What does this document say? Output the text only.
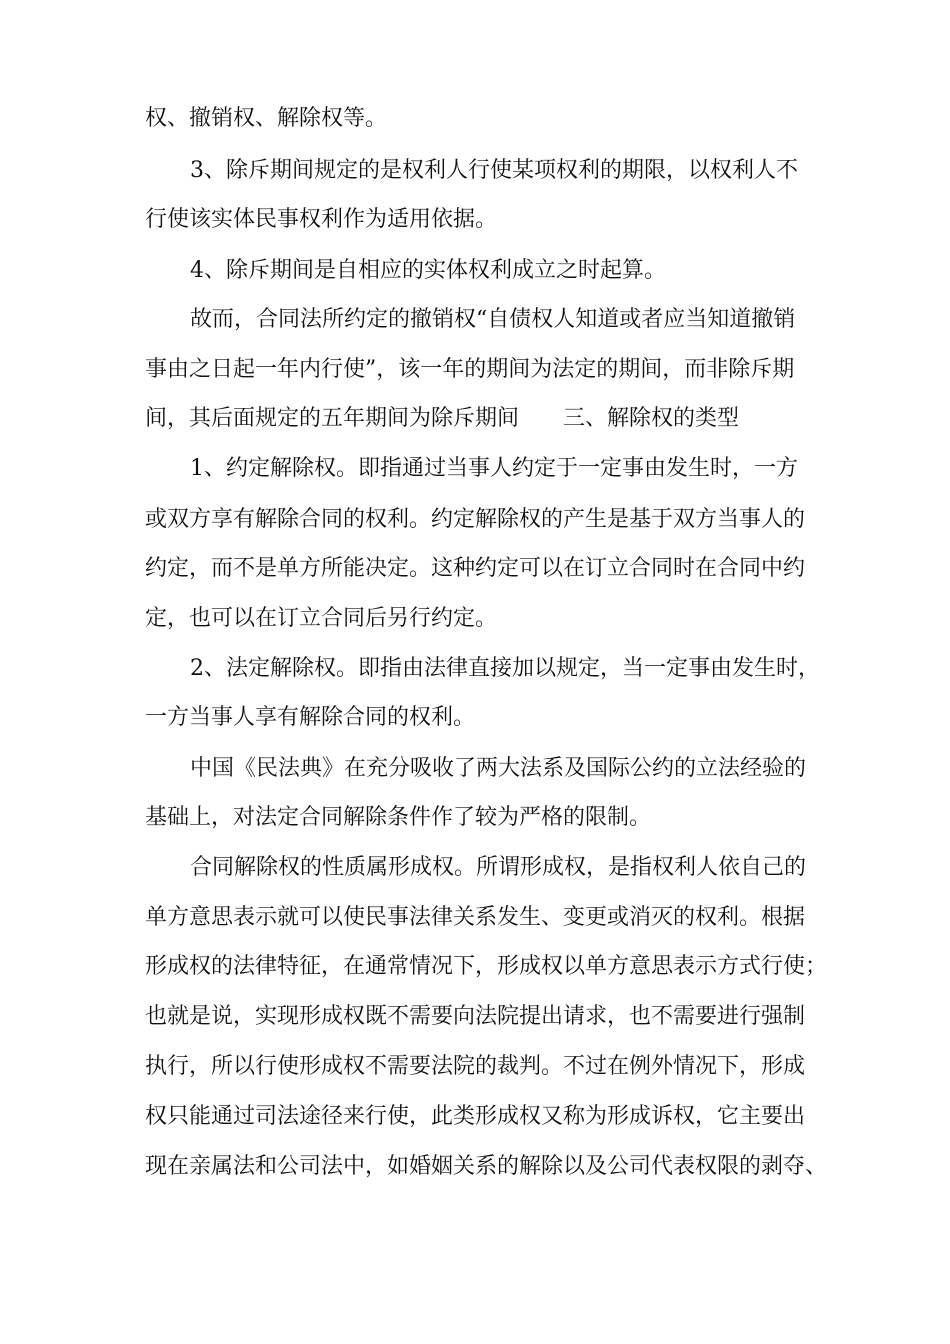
权、撤销权、解除权等。
3、除斥期间规定的是权利人行使某项权利的期限，以权利人不
行使该实体民事权利作为适用依据。
4、除斥期间是自相应的实体权利成立之时起算。
故而，合同法所约定的撤销权“自债权人知道或者应当知道撤销
事由之日起一年内行使”，该一年的期间为法定的期间，而非除斥期
间，其后面规定的五年期间为除斥期间 三、解除权的类型
1、约定解除权。即指通过当事人约定于一定事由发生时，一方
或双方享有解除合同的权利。约定解除权的产生是基于双方当事人的
约定，而不是单方所能决定。这种约定可以在订立合同时在合同中约
定，也可以在订立合同后另行约定。
2、法定解除权。即指由法律直接加以规定，当一定事由发生时，
一方当事人享有解除合同的权利。
中国《民法典》在充分吸收了两大法系及国际公约的立法经验的
基础上，对法定合同解除条件作了较为严格的限制。
合同解除权的性质属形成权。所谓形成权，是指权利人依自己的
单方意思表示就可以使民事法律关系发生、变更或消灭的权利。根据
形成权的法律特征，在通常情况下，形成权以单方意思表示方式行使；
也就是说，实现形成权既不需要向法院提出请求，也不需要进行强制
执行，所以行使形成权不需要法院的裁判。不过在例外情况下，形成
权只能通过司法途径来行使，此类形成权又称为形成诉权，它主要出
现在亲属法和公司法中，如婚姻关系的解除以及公司代表权限的剥夺、
